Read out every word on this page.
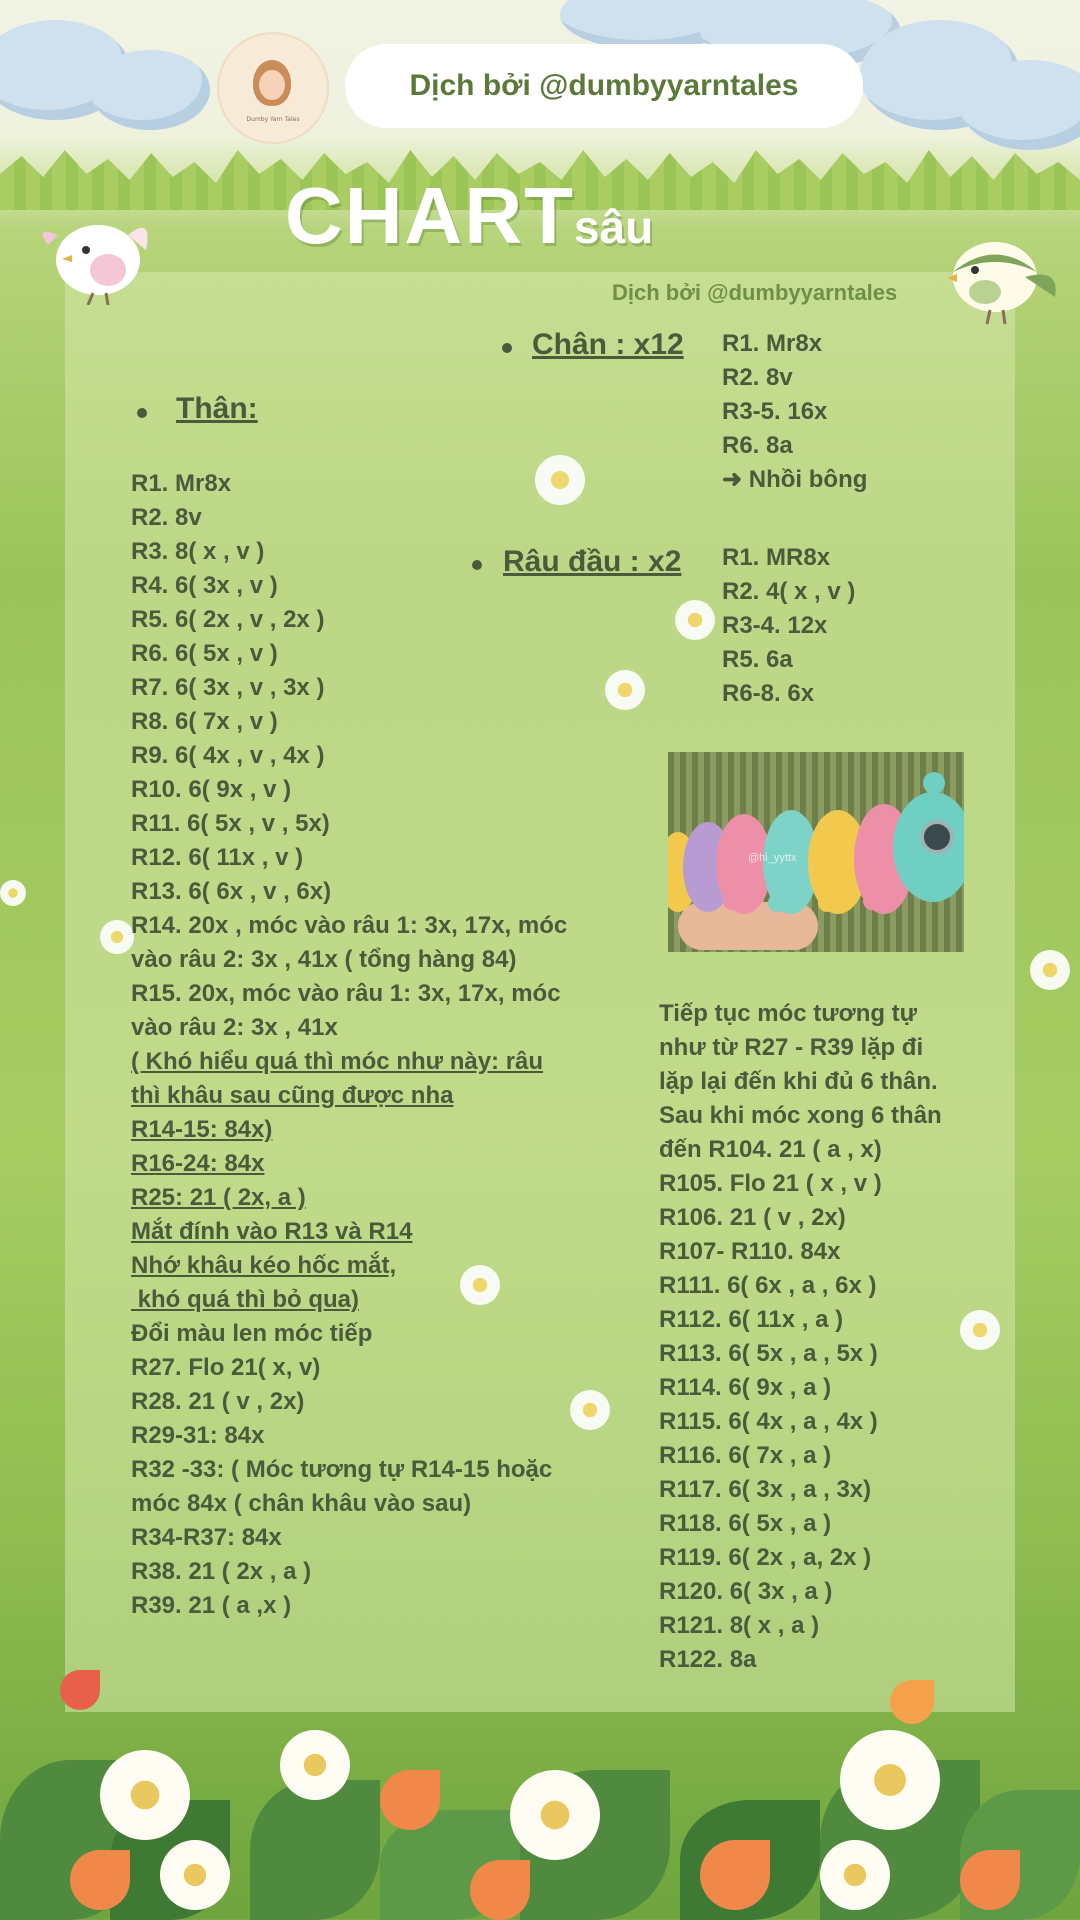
Dumby Yarn Tales
Dịch bởi @dumbyyarntales
CHART sâu
Dịch bởi @dumbyyarntales
Thân:
R1. Mr8x
R2. 8v
R3. 8( x , v )
R4. 6( 3x , v )
R5. 6( 2x , v , 2x )
R6. 6( 5x , v )
R7. 6( 3x , v , 3x )
R8. 6( 7x , v )
R9. 6( 4x , v , 4x )
R10. 6( 9x , v )
R11. 6( 5x , v , 5x)
R12. 6( 11x , v )
R13. 6( 6x , v , 6x)
R14. 20x , móc vào râu 1: 3x, 17x, móc
vào râu 2: 3x , 41x ( tổng hàng 84)
R15. 20x, móc vào râu 1: 3x, 17x, móc
vào râu 2: 3x , 41x
( Khó hiểu quá thì móc như này: râu
thì khâu sau cũng được nha
R14-15: 84x)
R16-24: 84x
R25: 21 ( 2x, a )
Mắt đính vào R13 và R14
Nhớ khâu kéo hốc mắt,
khó quá thì bỏ qua)
Đổi màu len móc tiếp
R27. Flo 21( x, v)
R28. 21 ( v , 2x)
R29-31: 84x
R32 -33: ( Móc tương tự R14-15 hoặc
móc 84x ( chân khâu vào sau)
R34-R37: 84x
R38. 21 ( 2x , a )
R39. 21 ( a ,x )
Chân : x12 R1. Mr8x
R2. 8v
R3-5. 16x
R6. 8a
➜ Nhồi bông
Râu đầu : x2 R1. MR8x
R2. 4( x , v )
R3-4. 12x
R5. 6a
R6-8. 6x
@hi_yyttx
Tiếp tục móc tương tự
như từ R27 - R39 lặp đi
lặp lại đến khi đủ 6 thân.
Sau khi móc xong 6 thân
đến R104. 21 ( a , x)
R105. Flo 21 ( x , v )
R106. 21 ( v , 2x)
R107- R110. 84x
R111. 6( 6x , a , 6x )
R112. 6( 11x , a )
R113. 6( 5x , a , 5x )
R114. 6( 9x , a )
R115. 6( 4x , a , 4x )
R116. 6( 7x , a )
R117. 6( 3x , a , 3x)
R118. 6( 5x , a )
R119. 6( 2x , a, 2x )
R120. 6( 3x , a )
R121. 8( x , a )
R122. 8a
